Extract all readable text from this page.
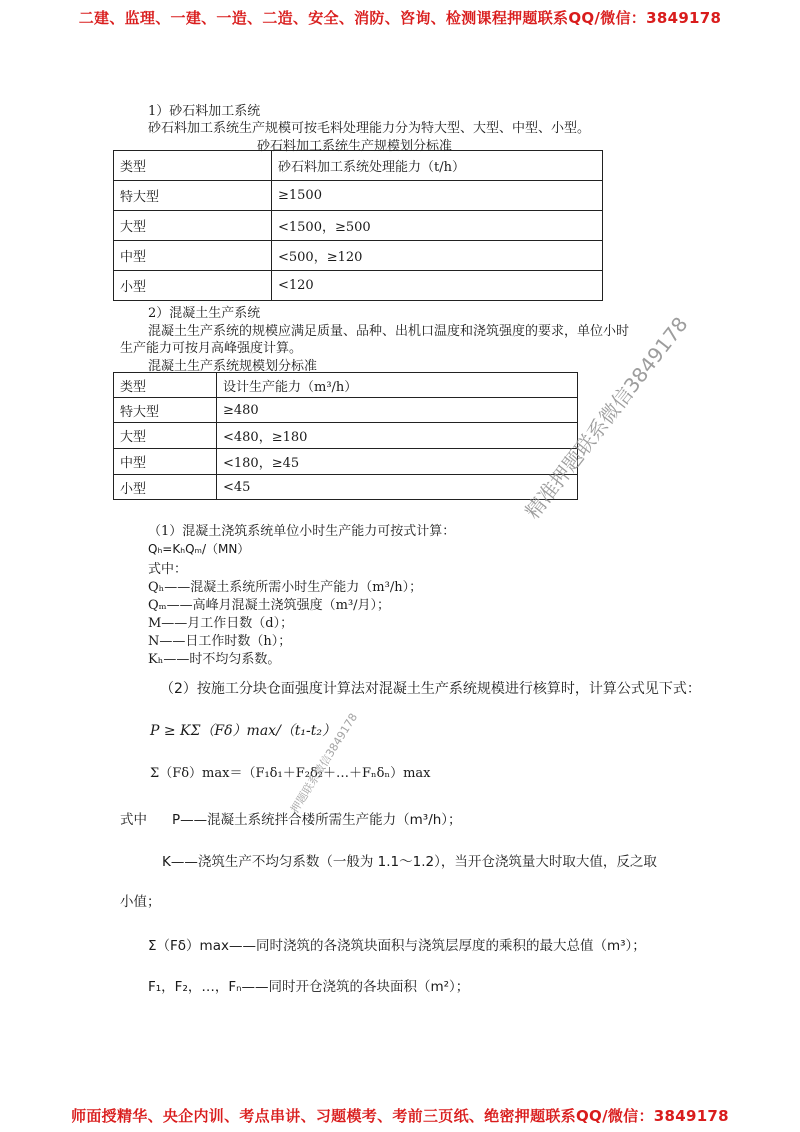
二建、监理、一建、一造、二造、安全、消防、咨询、检测课程押题联系QQ/微信：3849178
1）砂石料加工系统
砂石料加工系统生产规模可按毛料处理能力分为特大型、大型、中型、小型。
砂石料加工系统生产规模划分标准
类型	砂石料加工系统处理能力（t/h）
特大型	≥1500
大型	<1500，≥500
中型	<500，≥120
小型	<120
2）混凝土生产系统
混凝土生产系统的规模应满足质量、品种、出机口温度和浇筑强度的要求，单位小时
生产能力可按月高峰强度计算。
混凝土生产系统规模划分标准
类型	设计生产能力（m³/h）
特大型	≥480
大型	<480，≥180
中型	<180，≥45
小型	<45
（1）混凝土浇筑系统单位小时生产能力可按式计算：
Qₕ=KₕQₘ/（MN）
式中：
Qₕ——混凝土系统所需小时生产能力（m³/h）；
Qₘ——高峰月混凝土浇筑强度（m³/月）；
M——月工作日数（d）；
N——日工作时数（h）；
Kₕ——时不均匀系数。
（2）按施工分块仓面强度计算法对混凝土生产系统规模进行核算时，计算公式见下式：
P ≥ KΣ（Fδ）max/（t₁-t₂）
Σ（Fδ）max＝（F₁δ₁＋F₂δ₂＋…＋Fₙδₙ）max
式中 P——混凝土系统拌合楼所需生产能力（m³/h）；
K——浇筑生产不均匀系数（一般为 1.1～1.2），当开仓浇筑量大时取大值，反之取
小值；
Σ（Fδ）max——同时浇筑的各浇筑块面积与浇筑层厚度的乘积的最大总值（m³）；
F₁，F₂，…，Fₙ——同时开仓浇筑的各块面积（m²）；
精准押题联系微信3849178
押题联系微信3849178
师面授精华、央企内训、考点串讲、习题模考、考前三页纸、绝密押题联系QQ/微信：3849178
